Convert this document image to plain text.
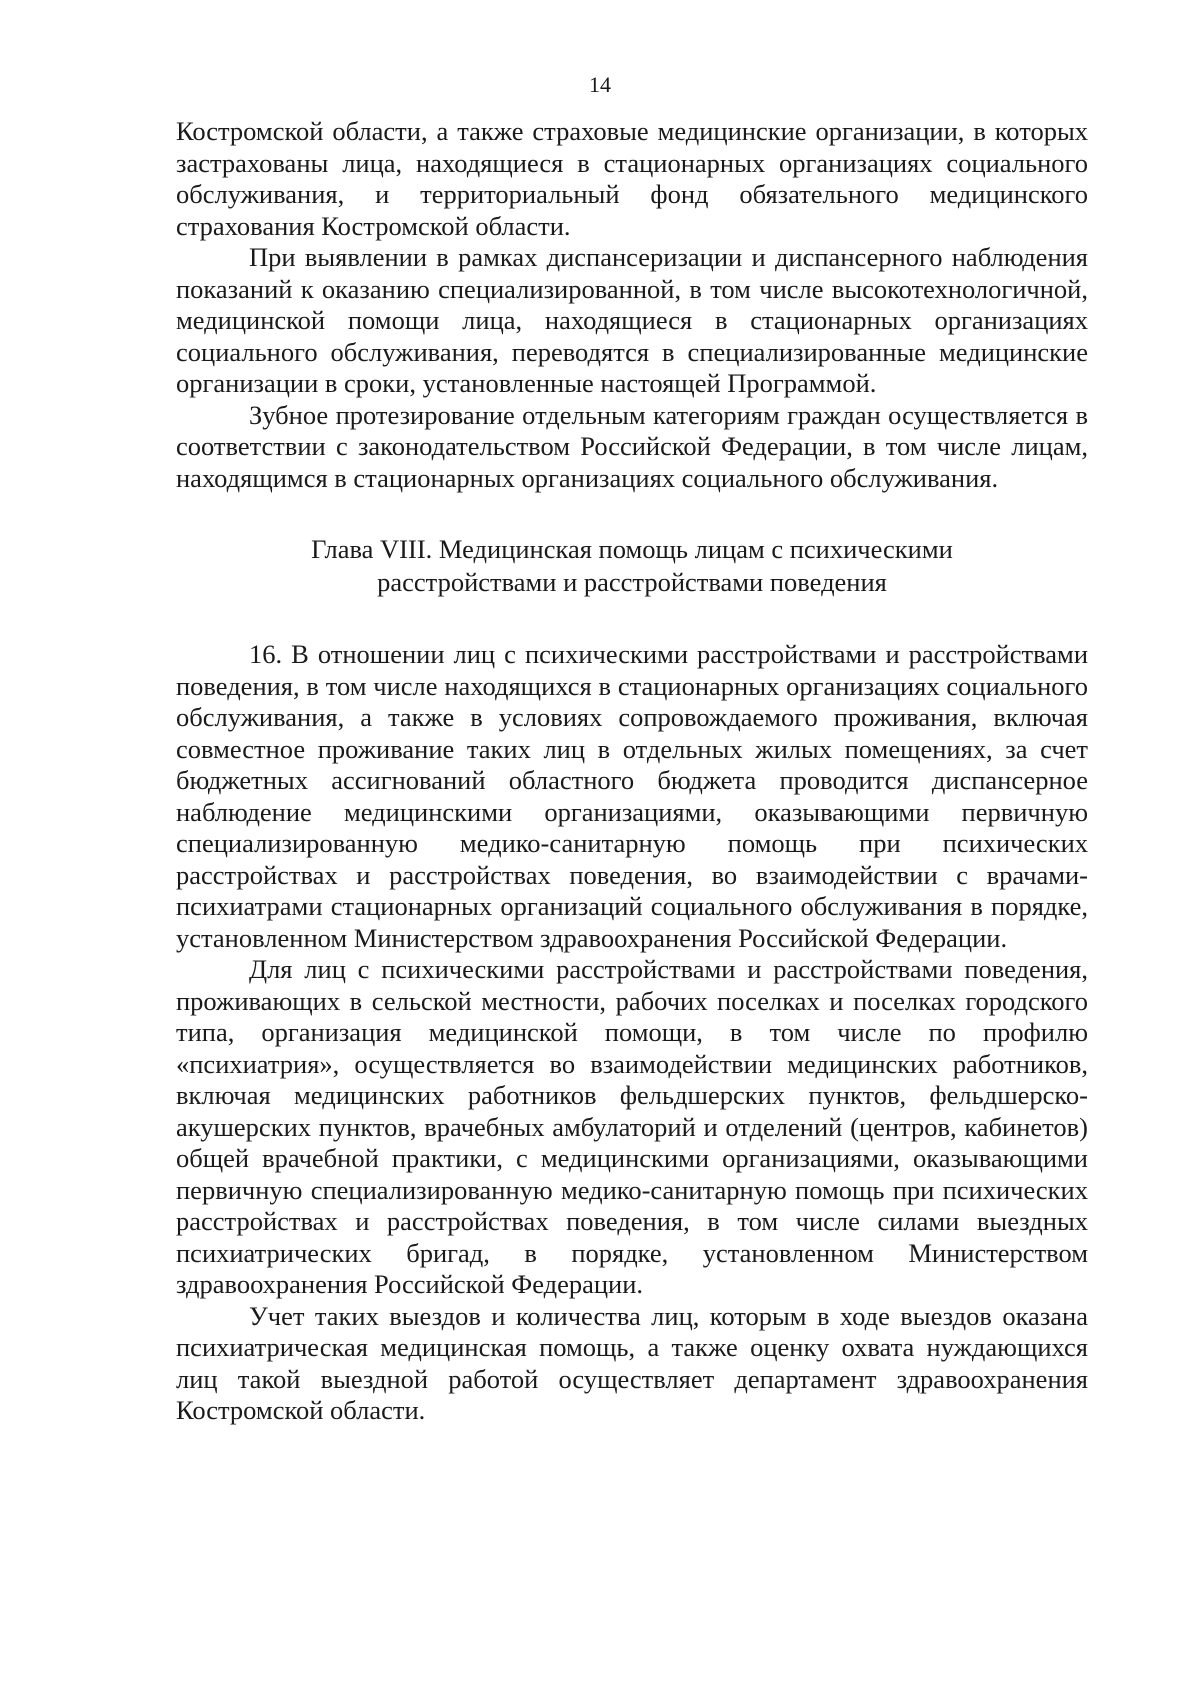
14

Костромской области, а также страховые медицинские организации, в которых застрахованы лица, находящиеся в стационарных организациях социального обслуживания, и территориальный фонд обязательного медицинского страхования Костромской области.

При выявлении в рамках диспансеризации и диспансерного наблюдения показаний к оказанию специализированной, в том числе высокотехнологичной, медицинской помощи лица, находящиеся в стационарных организациях социального обслуживания, переводятся в специализированные медицинские организации в сроки, установленные настоящей Программой.

Зубное протезирование отдельным категориям граждан осуществляется в соответствии с законодательством Российской Федерации, в том числе лицам, находящимся в стационарных организациях социального обслуживания.

Глава VIII. Медицинская помощь лицам с психическими
расстройствами и расстройствами поведения

16. В отношении лиц с психическими расстройствами и расстройствами поведения, в том числе находящихся в стационарных организациях социального обслуживания, а также в условиях сопровождаемого проживания, включая совместное проживание таких лиц в отдельных жилых помещениях, за счет бюджетных ассигнований областного бюджета проводится диспансерное наблюдение медицинскими организациями, оказывающими первичную специализированную медико-санитарную помощь при психических расстройствах и расстройствах поведения, во взаимодействии с врачами-психиатрами стационарных организаций социального обслуживания в порядке, установленном Министерством здравоохранения Российской Федерации.

Для лиц с психическими расстройствами и расстройствами поведения, проживающих в сельской местности, рабочих поселках и поселках городского типа, организация медицинской помощи, в том числе по профилю «психиатрия», осуществляется во взаимодействии медицинских работников, включая медицинских работников фельдшерских пунктов, фельдшерско-акушерских пунктов, врачебных амбулаторий и отделений (центров, кабинетов) общей врачебной практики, с медицинскими организациями, оказывающими первичную специализированную медико-санитарную помощь при психических расстройствах и расстройствах поведения, в том числе силами выездных психиатрических бригад, в порядке, установленном Министерством здравоохранения Российской Федерации.

Учет таких выездов и количества лиц, которым в ходе выездов оказана психиатрическая медицинская помощь, а также оценку охвата нуждающихся лиц такой выездной работой осуществляет департамент здравоохранения Костромской области.
